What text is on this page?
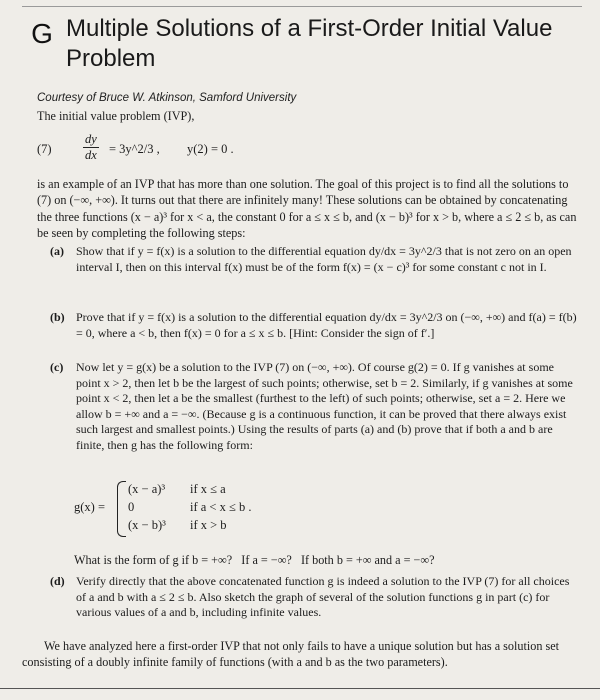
G Multiple Solutions of a First-Order Initial Value Problem
Courtesy of Bruce W. Atkinson, Samford University
The initial value problem (IVP),
(7)	$\frac{dy}{dx}$ = 3y^2/3 , y(2) = 0 .
is an example of an IVP that has more than one solution. The goal of this project is to find all the solutions to (7) on (−∞, +∞). It turns out that there are infinitely many! These solutions can be obtained by concatenating the three functions (x − a)³ for x < a, the constant 0 for a ≤ x ≤ b, and (x − b)³ for x > b, where a ≤ 2 ≤ b, as can be seen by completing the following steps:
(a) Show that if y = f(x) is a solution to the differential equation dy/dx = 3y^2/3 that is not zero on an open interval I, then on this interval f(x) must be of the form f(x) = (x − c)³ for some constant c not in I.
(b) Prove that if y = f(x) is a solution to the differential equation dy/dx = 3y^2/3 on (−∞, +∞) and f(a) = f(b) = 0, where a < b, then f(x) = 0 for a ≤ x ≤ b. [Hint: Consider the sign of f′.]
(c) Now let y = g(x) be a solution to the IVP (7) on (−∞, +∞). Of course g(2) = 0. If g vanishes at some point x > 2, then let b be the largest of such points; otherwise, set b = 2. Similarly, if g vanishes at some point x < 2, then let a be the smallest (furthest to the left) of such points; otherwise, set a = 2. Here we allow b = +∞ and a = −∞. (Because g is a continuous function, it can be proved that there always exist such largest and smallest points.) Using the results of parts (a) and (b) prove that if both a and b are finite, then g has the following form:
g(x) =
(x − a)³ if x ≤ a
0	if a < x ≤ b .
(x − b)³ if x > b
What is the form of g if b = +∞?   If a = −∞?   If both b = +∞ and a = −∞?
(d) Verify directly that the above concatenated function g is indeed a solution to the IVP (7) for all choices of a and b with a ≤ 2 ≤ b. Also sketch the graph of several of the solution functions g in part (c) for various values of a and b, including infinite values.
We have analyzed here a first-order IVP that not only fails to have a unique solution but has a solution set consisting of a doubly infinite family of functions (with a and b as the two parameters).
